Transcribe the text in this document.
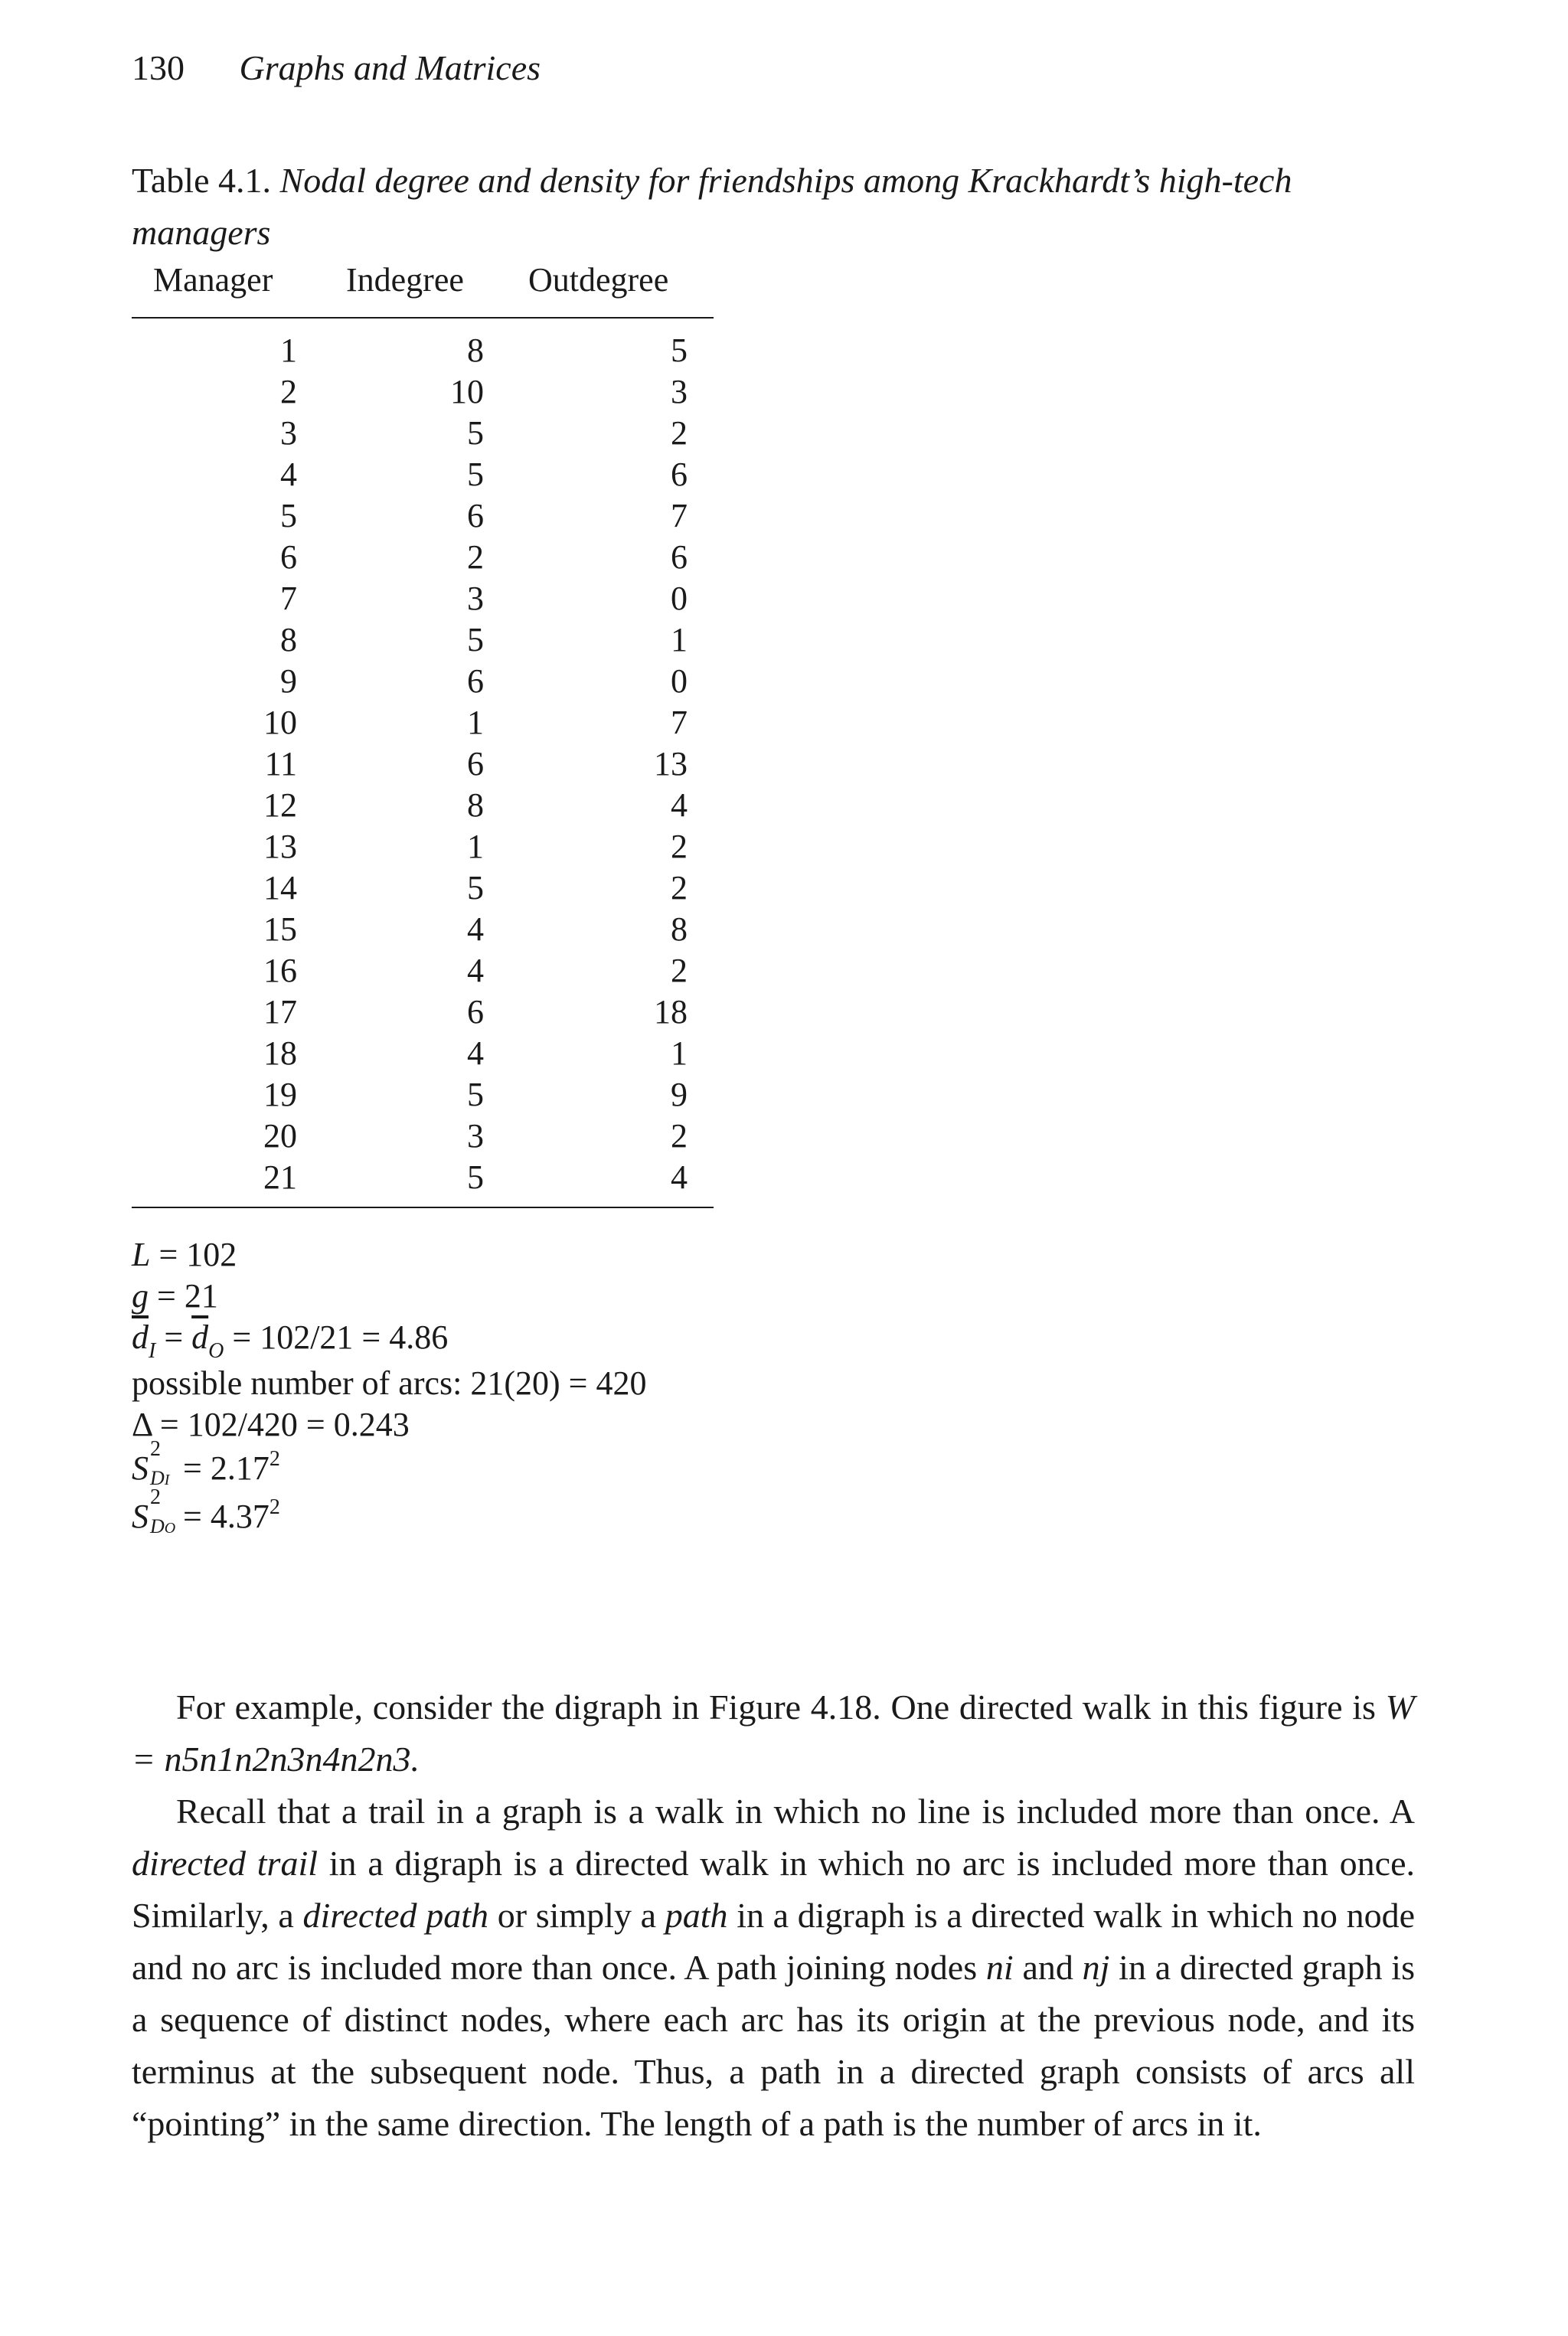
130 Graphs and Matrices
Table 4.1. Nodal degree and density for friendships among Krackhardt’s high-tech managers
Manager Indegree Outdegree
1	8	5
2	10	3
3	5	2
4	5	6
5	6	7
6	2	6
7	3	0
8	5	1
9	6	0
10	1	7
11	6	13
12	8	4
13	1	2
14	5	2
15	4	8
16	4	2
17	6	18
18	4	1
19	5	9
20	3	2
21	5	4
L = 102
g = 21
$\overline{d}_I = \overline{d}_O = 102/21 = 4.86$
possible number of arcs: 21(20) = 420
Δ = 102/420 = 0.243
S
2
DI = $2.17^2$
S
2
DO = $4.37^2$

For example, consider the digraph in Figure 4.18. One directed walk in this figure is W = n5n1n2n3n4n2n3.

Recall that a trail in a graph is a walk in which no line is included more than once. A directed trail in a digraph is a directed walk in which no arc is included more than once. Similarly, a directed path or simply a path in a digraph is a directed walk in which no node and no arc is included more than once. A path joining nodes ni and nj in a directed graph is a sequence of distinct nodes, where each arc has its origin at the previous node, and its terminus at the subsequent node. Thus, a path in a directed graph consists of arcs all “pointing” in the same direction. The length of a path is the number of arcs in it.
